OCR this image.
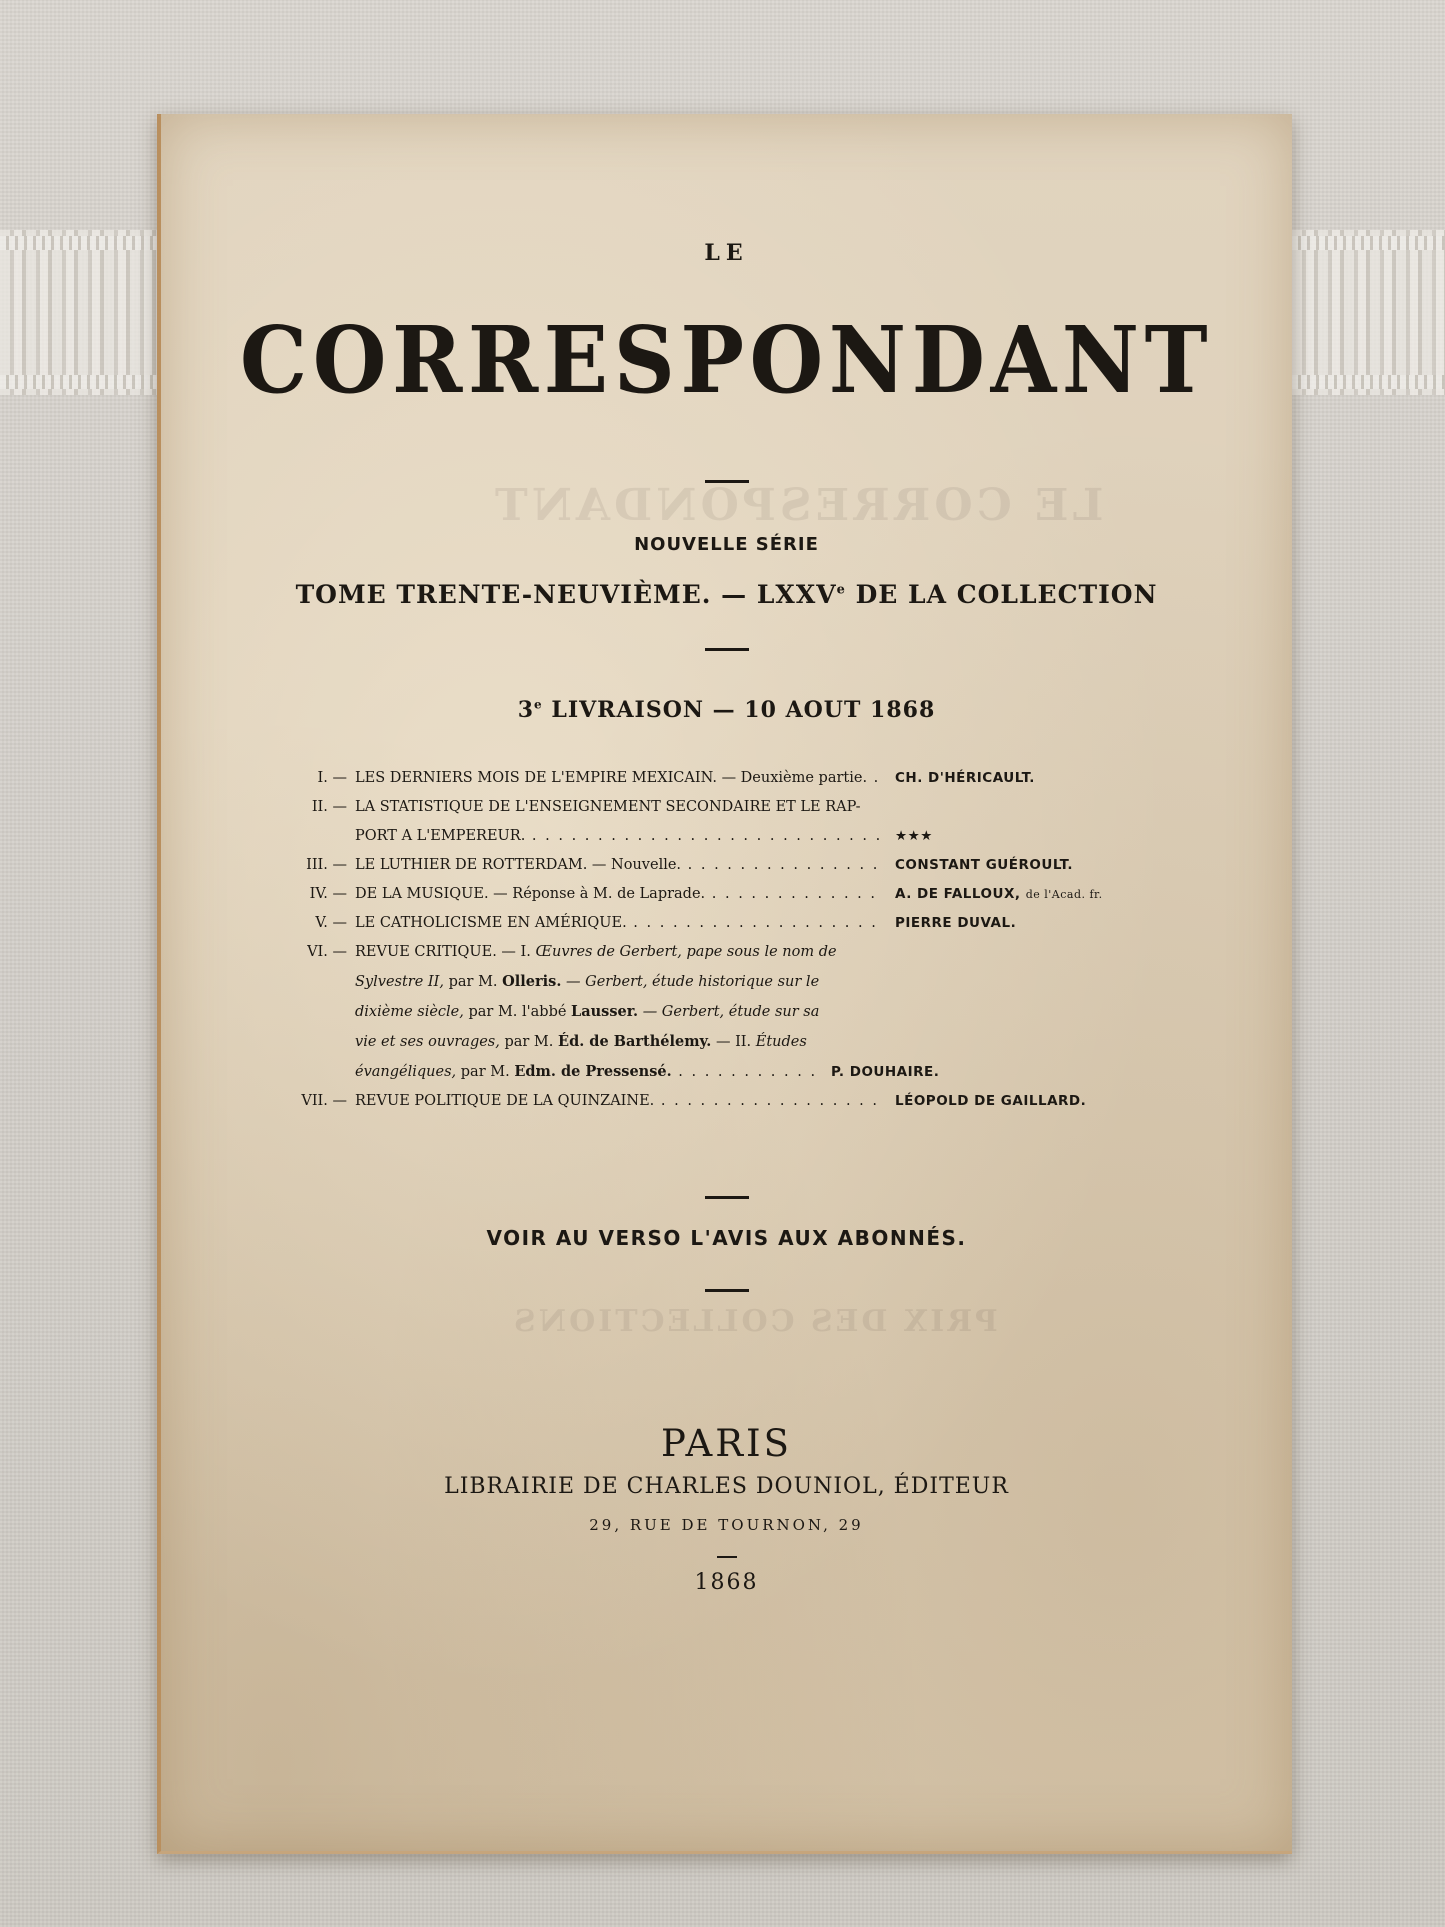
LE CORRESPONDANT
PRIX DES COLLECTIONS
LE
CORRESPONDANT
NOUVELLE SÉRIE
TOME TRENTE-NEUVIÈME. — LXXVe DE LA COLLECTION
3e LIVRAISON — 10 AOUT 1868
I. — LES DERNIERS MOIS DE L'EMPIRE MEXICAIN. — Deuxième partie. . . .	CH. D'HÉRICAULT.
II. — LA STATISTIQUE DE L'ENSEIGNEMENT SECONDAIRE ET LE RAP-
PORT A L'EMPEREUR. . . .	★★★
III. — LE LUTHIER DE ROTTERDAM. — Nouvelle. . . .	CONSTANT GUÉROULT.
IV. — DE LA MUSIQUE. — Réponse à M. de Laprade. . . .	A. DE FALLOUX, de l'Acad. fr.
V. — LE CATHOLICISME EN AMÉRIQUE. . . .	PIERRE DUVAL.
VI. — REVUE CRITIQUE. — I. Œuvres de Gerbert, pape sous le nom de
Sylvestre II, par M. Olleris. — Gerbert, étude historique sur le
dixième siècle, par M. l'abbé Lausser. — Gerbert, étude sur sa
vie et ses ouvrages, par M. Éd. de Barthélemy. — II. Études
évangéliques, par M. Edm. de Pressensé. . . .	P. DOUHAIRE.
VII. — REVUE POLITIQUE DE LA QUINZAINE. . . .	LÉOPOLD DE GAILLARD.
VOIR AU VERSO L'AVIS AUX ABONNÉS.
PARIS
LIBRAIRIE DE CHARLES DOUNIOL, ÉDITEUR
29, RUE DE TOURNON, 29
1868
